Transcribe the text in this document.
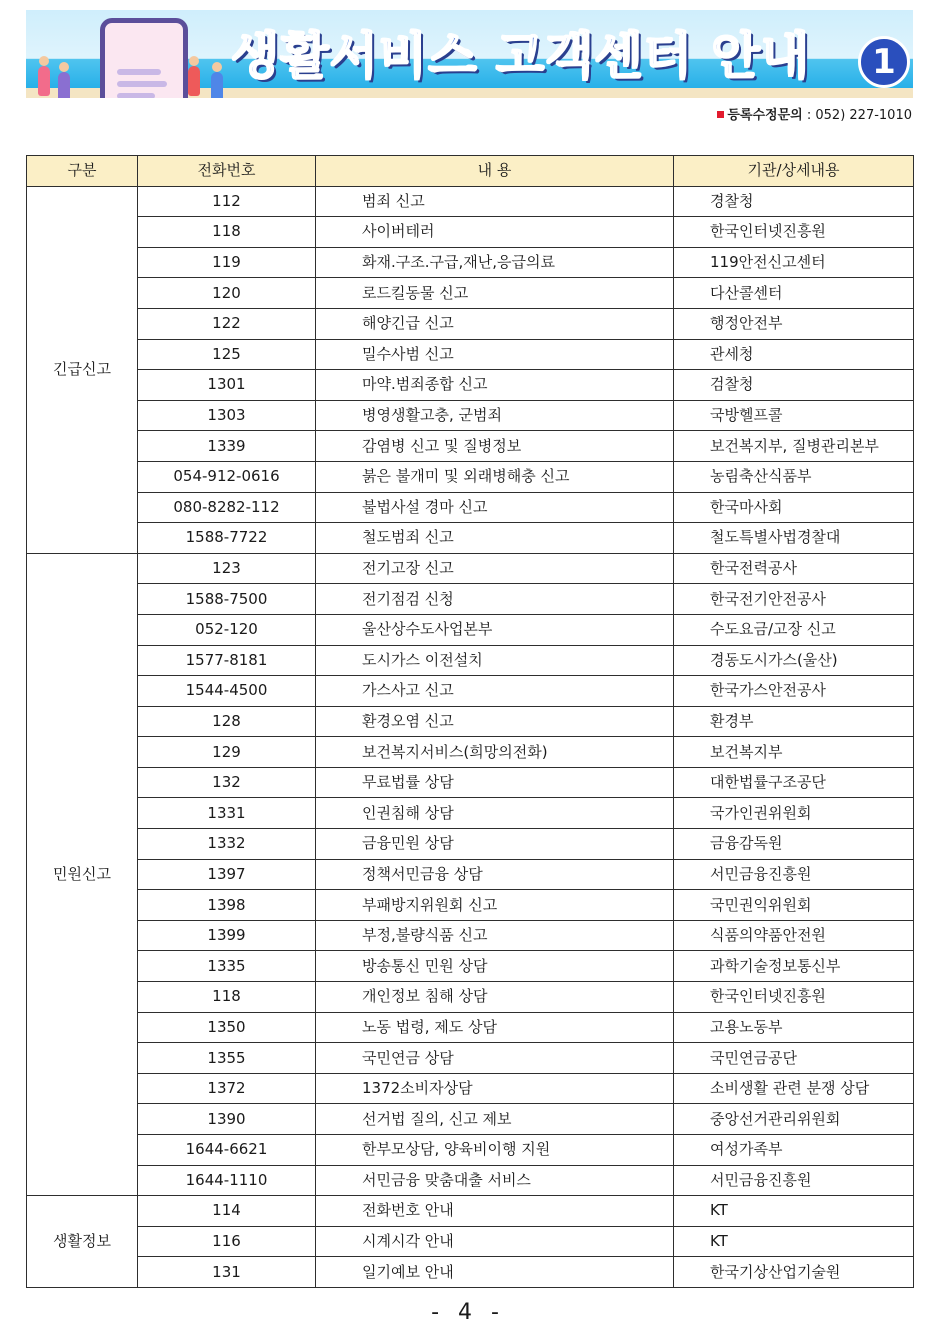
생활서비스 고객센터 안내	1
등록수정문의 : 052) 227-1010
구분	전화번호	내 용	기관/상세내용
긴급신고	112	범죄 신고	경찰청
	118	사이버테러	한국인터넷진흥원
	119	화재.구조.구급,재난,응급의료	119안전신고센터
	120	로드킬동물 신고	다산콜센터
	122	해양긴급 신고	행정안전부
	125	밀수사범 신고	관세청
	1301	마약.범죄종합 신고	검찰청
	1303	병영생활고충, 군범죄	국방헬프콜
	1339	감염병 신고 및 질병정보	보건복지부, 질병관리본부
	054-912-0616	붉은 불개미 및 외래병해충 신고	농림축산식품부
	080-8282-112	불법사설 경마 신고	한국마사회
	1588-7722	철도범죄 신고	철도특별사법경찰대
민원신고	123	전기고장 신고	한국전력공사
	1588-7500	전기점검 신청	한국전기안전공사
	052-120	울산상수도사업본부	수도요금/고장 신고
	1577-8181	도시가스 이전설치	경동도시가스(울산)
	1544-4500	가스사고 신고	한국가스안전공사
	128	환경오염 신고	환경부
	129	보건복지서비스(희망의전화)	보건복지부
	132	무료법률 상담	대한법률구조공단
	1331	인권침해 상담	국가인권위원회
	1332	금융민원 상담	금융감독원
	1397	정책서민금융 상담	서민금융진흥원
	1398	부패방지위원회 신고	국민권익위원회
	1399	부정,불량식품 신고	식품의약품안전원
	1335	방송통신 민원 상담	과학기술정보통신부
	118	개인정보 침해 상담	한국인터넷진흥원
	1350	노동 법령, 제도 상담	고용노동부
	1355	국민연금 상담	국민연금공단
	1372	1372소비자상담	소비생활 관련 분쟁 상담
	1390	선거법 질의, 신고 제보	중앙선거관리위원회
	1644-6621	한부모상담, 양육비이행 지원	여성가족부
	1644-1110	서민금융 맞춤대출 서비스	서민금융진흥원
생활정보	114	전화번호 안내	KT
	116	시계시각 안내	KT
	131	일기예보 안내	한국기상산업기술원
- 4 -
